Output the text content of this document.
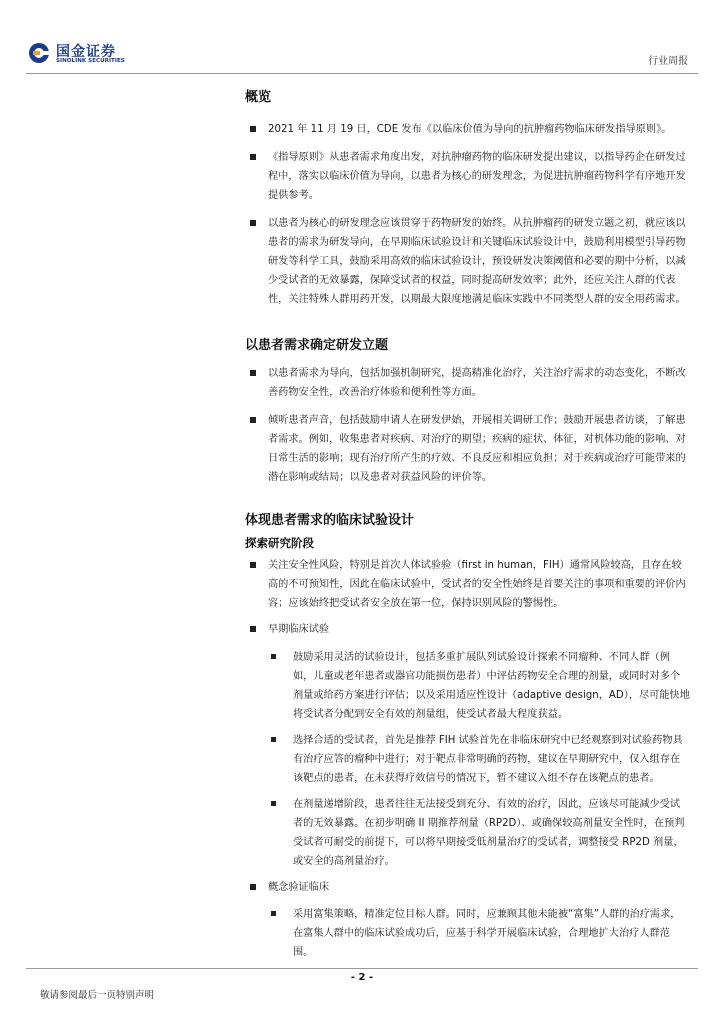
国金证券
SINOLINK SECURITIES	行业周报
概览
2021 年 11 月 19 日，CDE 发布《以临床价值为导向的抗肿瘤药物临床研发指导原则》。
《指导原则》从患者需求角度出发，对抗肿瘤药物的临床研发提出建议，以指导药企在研发过程中，落实以临床价值为导向，以患者为核心的研发理念，为促进抗肿瘤药物科学有序地开发提供参考。
以患者为核心的研发理念应该贯穿于药物研发的始终。从抗肿瘤药的研发立题之初，就应该以患者的需求为研发导向，在早期临床试验设计和关键临床试验设计中，鼓励利用模型引导药物研发等科学工具，鼓励采用高效的临床试验设计，预设研发决策阈值和必要的期中分析，以减少受试者的无效暴露，保障受试者的权益，同时提高研发效率；此外，还应关注人群的代表性，关注特殊人群用药开发，以期最大限度地满足临床实践中不同类型人群的安全用药需求。
以患者需求确定研发立题
以患者需求为导向，包括加强机制研究，提高精准化治疗，关注治疗需求的动态变化，不断改善药物安全性，改善治疗体验和便利性等方面。
倾听患者声音，包括鼓励申请人在研发伊始，开展相关调研工作；鼓励开展患者访谈，了解患者需求。例如，收集患者对疾病、对治疗的期望；疾病的症状、体征，对机体功能的影响、对日常生活的影响；现有治疗所产生的疗效、不良反应和相应负担；对于疾病或治疗可能带来的潜在影响或结局；以及患者对获益风险的评价等。
体现患者需求的临床试验设计
探索研究阶段
关注安全性风险，特别是首次人体试验验（first in human，FIH）通常风险较高，且存在较高的不可预知性，因此在临床试验中，受试者的安全性始终是首要关注的事项和重要的评价内容；应该始终把受试者安全放在第一位，保持识别风险的警惕性。
早期临床试验
鼓励采用灵活的试验设计，包括多重扩展队列试验设计探索不同瘤种、不同人群（例如，儿童或老年患者或器官功能损伤患者）中评估药物安全合理的剂量，或同时对多个剂量或给药方案进行评估；以及采用适应性设计（adaptive design，AD），尽可能快地将受试者分配到安全有效的剂量组，使受试者最大程度获益。
选择合适的受试者，首先是推荐 FIH 试验首先在非临床研究中已经观察到对试验药物具有治疗应答的瘤种中进行；对于靶点非常明确的药物，建议在早期研究中，仅入组存在该靶点的患者，在未获得疗效信号的情况下，暂不建议入组不存在该靶点的患者。
在剂量递增阶段，患者往往无法接受到充分、有效的治疗，因此，应该尽可能减少受试者的无效暴露。在初步明确 II 期推荐剂量（RP2D）、或确保较高剂量安全性时，在预判受试者可耐受的前提下，可以将早期接受低剂量治疗的受试者，调整接受 RP2D 剂量，或安全的高剂量治疗。
概念验证临床
采用富集策略，精准定位目标人群。同时，应兼顾其他未能被“富集”人群的治疗需求，在富集人群中的临床试验成功后，应基于科学开展临床试验，合理地扩大治疗人群范围。
- 2 -
敬请参阅最后一页特别声明
